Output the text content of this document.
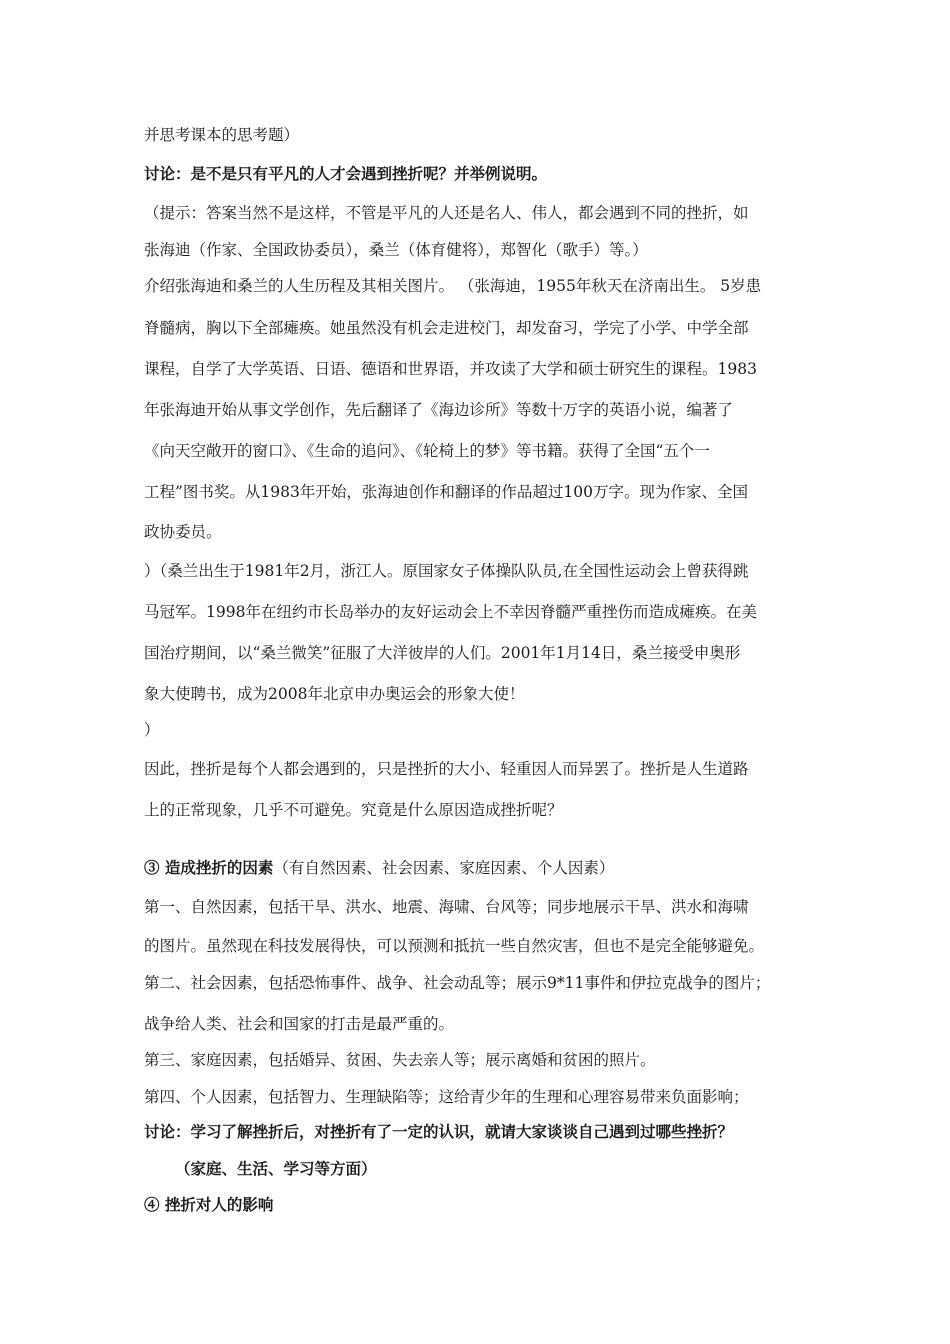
并思考课本的思考题）
讨论：是不是只有平凡的人才会遇到挫折呢？并举例说明。
（提示：答案当然不是这样，不管是平凡的人还是名人、伟人，都会遇到不同的挫折，如
张海迪（作家、全国政协委员），桑兰（体育健将），郑智化（歌手）等。）
介绍张海迪和桑兰的人生历程及其相关图片。 （张海迪，1955年秋天在济南出生。 5岁患
脊髓病，胸以下全部瘫痪。她虽然没有机会走进校门，却发奋习，学完了小学、中学全部
课程，自学了大学英语、日语、德语和世界语，并攻读了大学和硕士研究生的课程。1983
年张海迪开始从事文学创作，先后翻译了《海边诊所》等数十万字的英语小说，编著了
《向天空敞开的窗口》、《生命的追问》、《轮椅上的梦》等书籍。获得了全国“五个一
工程”图书奖。从1983年开始，张海迪创作和翻译的作品超过100万字。现为作家、全国
政协委员。
）（桑兰出生于1981年2月，浙江人。原国家女子体操队队员,在全国性运动会上曾获得跳
马冠军。1998年在纽约市长岛举办的友好运动会上不幸因脊髓严重挫伤而造成瘫痪。在美
国治疗期间，以“桑兰微笑”征服了大洋彼岸的人们。2001年1月14日，桑兰接受申奥形
象大使聘书，成为2008年北京申办奥运会的形象大使！
）
因此，挫折是每个人都会遇到的，只是挫折的大小、轻重因人而异罢了。挫折是人生道路
上的正常现象，几乎不可避免。究竟是什么原因造成挫折呢？
③ 造成挫折的因素（有自然因素、社会因素、家庭因素、个人因素）
第一、自然因素，包括干旱、洪水、地震、海啸、台风等；同步地展示干旱、洪水和海啸
的图片。虽然现在科技发展得快，可以预测和抵抗一些自然灾害，但也不是完全能够避免。
第二、社会因素，包括恐怖事件、战争、社会动乱等；展示9*11事件和伊拉克战争的图片；
战争给人类、社会和国家的打击是最严重的。
第三、家庭因素，包括婚异、贫困、失去亲人等；展示离婚和贫困的照片。
第四、个人因素，包括智力、生理缺陷等；这给青少年的生理和心理容易带来负面影响；
讨论：学习了解挫折后，对挫折有了一定的认识，就请大家谈谈自己遇到过哪些挫折？
（家庭、生活、学习等方面）
④ 挫折对人的影响
